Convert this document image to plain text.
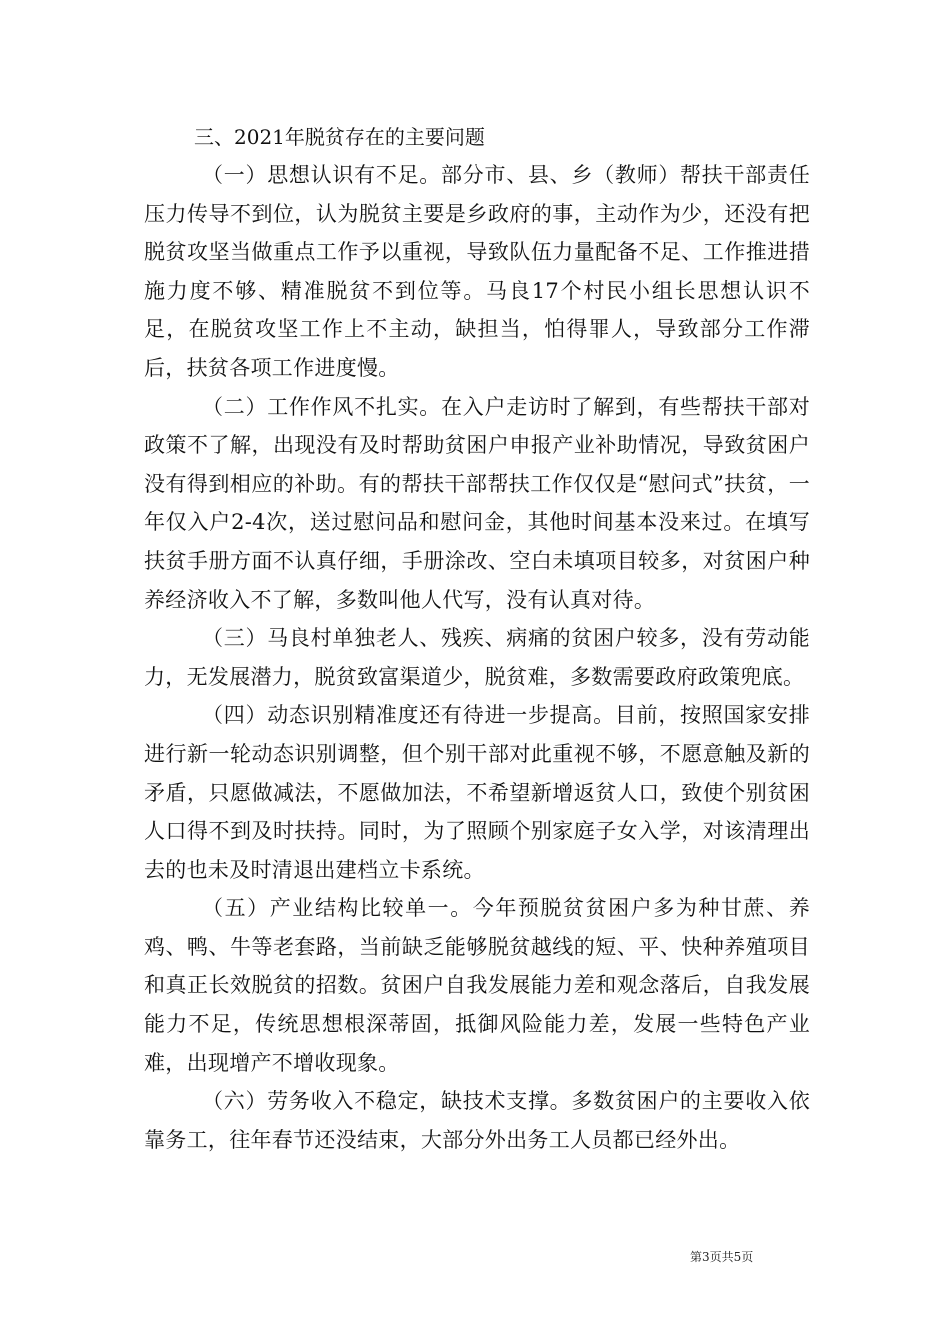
三、2021年脱贫存在的主要问题

（一）思想认识有不足。部分市、县、乡（教师）帮扶干部责任压力传导不到位，认为脱贫主要是乡政府的事，主动作为少，还没有把脱贫攻坚当做重点工作予以重视，导致队伍力量配备不足、工作推进措施力度不够、精准脱贫不到位等。马良17个村民小组长思想认识不足，在脱贫攻坚工作上不主动，缺担当，怕得罪人，导致部分工作滞后，扶贫各项工作进度慢。

（二）工作作风不扎实。在入户走访时了解到，有些帮扶干部对政策不了解，出现没有及时帮助贫困户申报产业补助情况，导致贫困户没有得到相应的补助。有的帮扶干部帮扶工作仅仅是“慰问式”扶贫，一年仅入户2-4次，送过慰问品和慰问金，其他时间基本没来过。在填写扶贫手册方面不认真仔细，手册涂改、空白未填项目较多，对贫困户种养经济收入不了解，多数叫他人代写，没有认真对待。

（三）马良村单独老人、残疾、病痛的贫困户较多，没有劳动能力，无发展潜力，脱贫致富渠道少，脱贫难，多数需要政府政策兜底。

（四）动态识别精准度还有待进一步提高。目前，按照国家安排进行新一轮动态识别调整，但个别干部对此重视不够，不愿意触及新的矛盾，只愿做减法，不愿做加法，不希望新增返贫人口，致使个别贫困人口得不到及时扶持。同时，为了照顾个别家庭子女入学，对该清理出去的也未及时清退出建档立卡系统。

（五）产业结构比较单一。今年预脱贫贫困户多为种甘蔗、养鸡、鸭、牛等老套路，当前缺乏能够脱贫越线的短、平、快种养殖项目和真正长效脱贫的招数。贫困户自我发展能力差和观念落后，自我发展能力不足，传统思想根深蒂固，抵御风险能力差，发展一些特色产业难，出现增产不增收现象。

（六）劳务收入不稳定，缺技术支撑。多数贫困户的主要收入依靠务工，往年春节还没结束，大部分外出务工人员都已经外出。

第3页共5页
